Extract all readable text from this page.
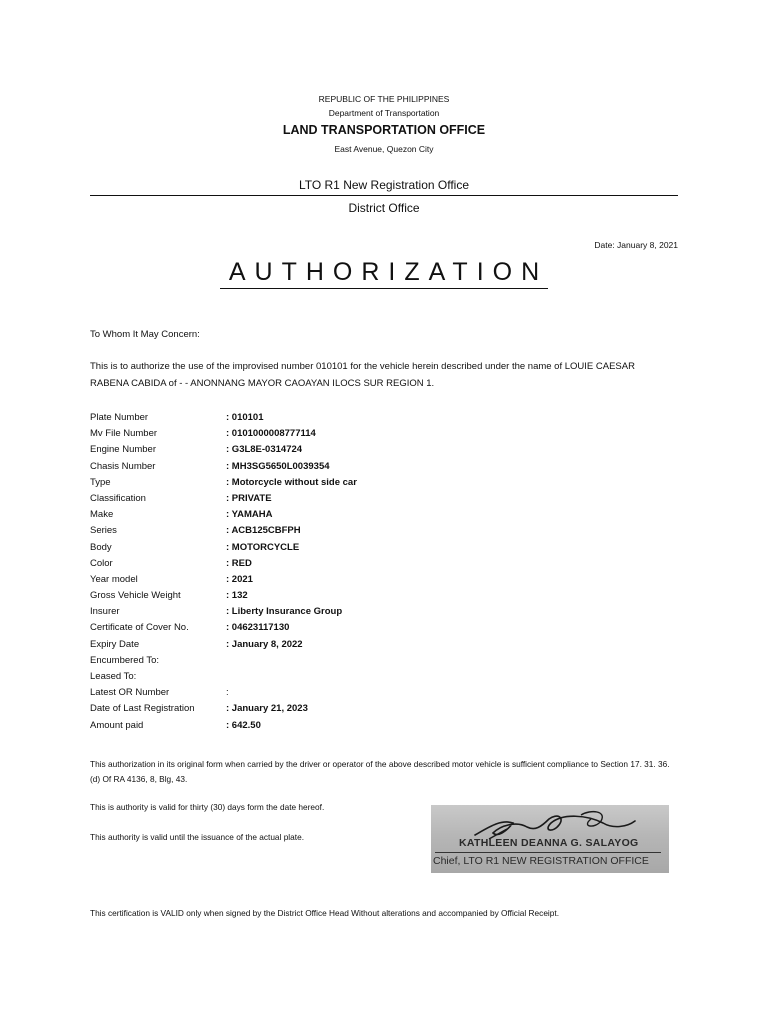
REPUBLIC OF THE PHILIPPINES
Department of Transportation
LAND TRANSPORTATION OFFICE
East Avenue, Quezon City
LTO R1 New Registration Office
District Office
Date: January 8, 2021
AUTHORIZATION
To Whom It May Concern:
This is to authorize the use of the improvised number 010101 for the vehicle herein described under the name of LOUIE CAESAR RABENA CABIDA of - - ANONNANG MAYOR CAOAYAN ILOCS SUR REGION 1.
Plate Number	: 010101
Mv File Number	: 0101000008777114
Engine Number	: G3L8E-0314724
Chasis Number	: MH3SG5650L0039354
Type	: Motorcycle without side car
Classification	: PRIVATE
Make	: YAMAHA
Series	: ACB125CBFPH
Body	: MOTORCYCLE
Color	: RED
Year model	: 2021
Gross Vehicle Weight	: 132
Insurer	: Liberty Insurance Group
Certificate of Cover No.	: 04623117130
Expiry Date	: January 8, 2022
Encumbered To:
Leased To:
Latest OR Number	:
Date of Last Registration	: January 21, 2023
Amount paid	: 642.50
This authorization in its original form when carried by the driver or operator of the above described motor vehicle is sufficient compliance to Section 17. 31. 36. (d) Of RA 4136, 8, Blg, 43.
This is authority is valid for thirty (30) days form the date hereof.
This authority is valid until the issuance of the actual plate.	KATHLEEN DEANNA G. SALAYOG
Chief, LTO R1 NEW REGISTRATION OFFICE
This certification is VALID only when signed by the District Office Head Without alterations and accompanied by Official Receipt.
